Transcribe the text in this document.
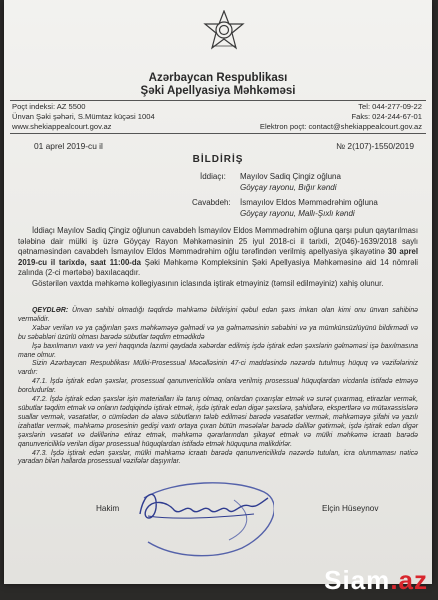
Azərbaycan Respublikası
Şəki Apellyasiya Məhkəməsi
Poçt indeksi: AZ 5500
Ünvan Şəki şəhəri, S.Mümtaz küçəsi 1004
www.shekiappealcourt.gov.az
Tel: 044-277-09-22
Faks: 024-244-67-01
Elektron poçt: contact@shekiappealcourt.gov.az
01 aprel 2019-cu il	№ 2(107)-1550/2019
BİLDİRİŞ
İddiaçı: Mayılov Sadiq Çingiz oğluna
Göyçay rayonu, Bığır kəndi
Cavabdeh: İsmayılov Eldos Məmmədrəhim oğluna
Göyçay rayonu, Mallı-Şıxlı kəndi

İddiaçı Mayılov Sadiq Çingiz oğlunun cavabdeh İsmayılov Eldos Məmmədrəhim oğluna qarşı pulun qaytarılması tələbinə dair mülki iş üzrə Göyçay Rayon Məhkəməsinin 25 iyul 2018-ci il tarixli, 2(046)-1639/2018 saylı qətnaməsindən cavabdeh İsmayılov Eldos Məmmədrəhim oğlu tərəfindən verilmiş apellyasiya şikayətinə 30 aprel 2019-cu il tarixdə, saat 11:00-da Şəki Məhkəmə Kompleksinin Şəki Apellyasiya Məhkəməsinə aid 14 nömrəli zalında (2-ci mərtəbə) baxılacaqdır.

Göstərilən vaxtda məhkəmə kollegiyasının iclasında iştirak etməyiniz (təmsil edilməyiniz) xahiş olunur.

QEYDLƏR: Ünvan sahibi olmadığı təqdirdə məhkəmə bildirişini qəbul edən şəxs imkan olan kimi onu ünvan sahibinə vermәlidir.

Xəbər verilən və ya çağırılan şəxs məhkəməyə gəlmədi və ya gəlməməsinin səbəbini və ya mümkünsüzlüyünü bildirmədi və bu səbəbləri üzürlü olması barədə sübutlar təqdim etmədikdə

İşə baxılmanın vaxtı və yeri haqqında lazımi qaydada xəbərdar edilmiş işdə iştirak edən şəxslərin gəlməməsi işə baxılmasına mane olmur.

Sizin Azərbaycan Respublikası Mülki-Prosessual Məcəlləsinin 47-ci maddəsində nəzərdə tutulmuş hüquq və vəzifələriniz vardır:

47.1. İşdə iştirak edən şəxslər, prosessual qanunvericiliklə onlara verilmiş prosessual hüquqlardan vicdanla istifadə etməyə borcludurlar.

47.2. İşdə iştirak edən şəxslər işin materialları ilə tanış olmaq, onlardan çıxarışlar etmək və surət çıxarmaq, etirazlar vermək, sübutlar təqdim etmək və onların tədqiqində iştirak etmək, işdə iştirak edən digər şəxslərə, şahidlərə, ekspertlərə və mütəxəssislərə suallar vermək, vəsatətlər, o cümlədən də əlavə sübutların tələb edilməsi barədə vəsatətlər vermək, məhkəməyə şifahi və yazılı izahatlar vermək, məhkəmə prosesinin gedişi vaxtı ortaya çıxan bütün məsələlər barədə dəlillər gətirmək, işdə iştirak edən digər şəxslərin vəsatət və dəlillərinə etiraz etmək, məhkəmə qərarlarından şikayət etmək və mülki məhkəmə icraatı barədə qanunvericiliklə verilən digər prosessual hüquqlardan istifadə etmək hüququna malikdirlər.

47.3. İşdə iştirak edən şəxslər, mülki məhkəmə icraatı barədə qanunvericilikdə nəzərdə tutulan, icra olunmaması nəticə yaradan bilən hallarda prosessual vəzifələr daşıyırlar.

Hakim	Elçin Hüseynov
Siam.az
